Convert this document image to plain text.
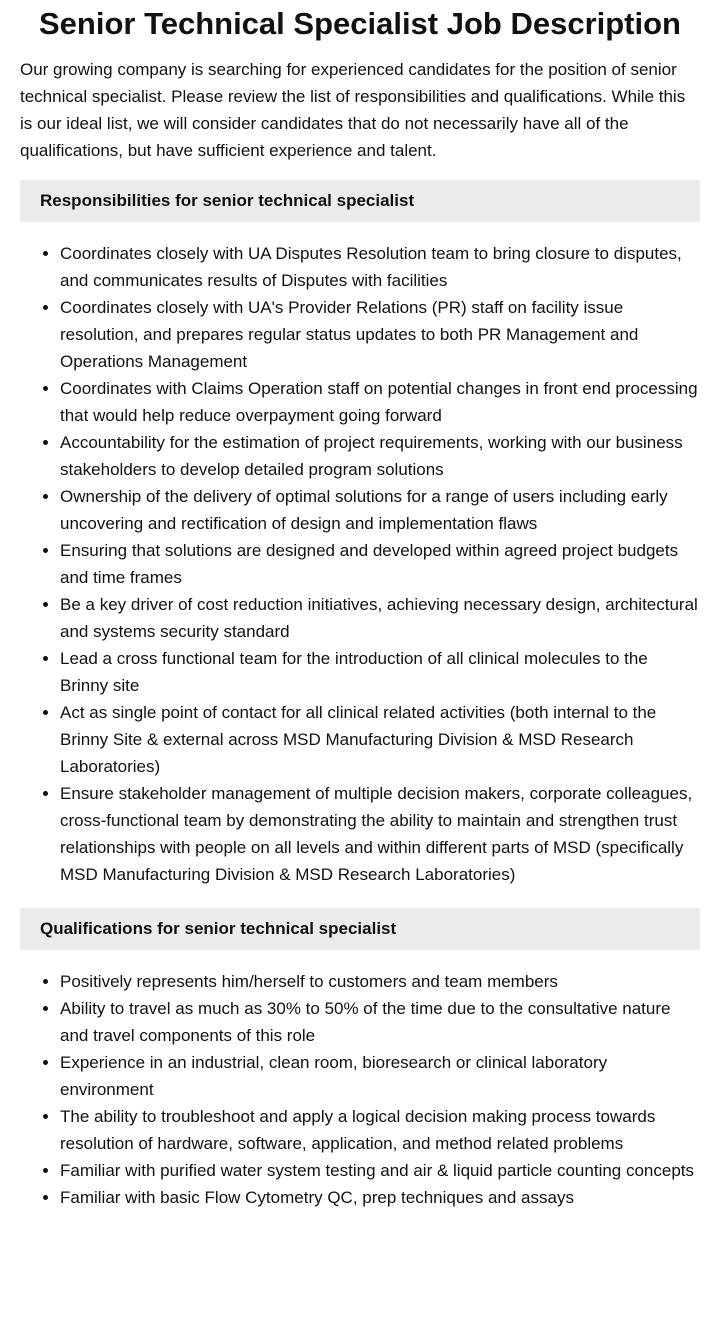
Senior Technical Specialist Job Description

Our growing company is searching for experienced candidates for the position of senior technical specialist. Please review the list of responsibilities and qualifications. While this is our ideal list, we will consider candidates that do not necessarily have all of the qualifications, but have sufficient experience and talent.

Responsibilities for senior technical specialist
• Coordinates closely with UA Disputes Resolution team to bring closure to disputes, and communicates results of Disputes with facilities
• Coordinates closely with UA's Provider Relations (PR) staff on facility issue resolution, and prepares regular status updates to both PR Management and Operations Management
• Coordinates with Claims Operation staff on potential changes in front end processing that would help reduce overpayment going forward
• Accountability for the estimation of project requirements, working with our business stakeholders to develop detailed program solutions
• Ownership of the delivery of optimal solutions for a range of users including early uncovering and rectification of design and implementation flaws
• Ensuring that solutions are designed and developed within agreed project budgets and time frames
• Be a key driver of cost reduction initiatives, achieving necessary design, architectural and systems security standard
• Lead a cross functional team for the introduction of all clinical molecules to the Brinny site
• Act as single point of contact for all clinical related activities (both internal to the Brinny Site & external across MSD Manufacturing Division & MSD Research Laboratories)
• Ensure stakeholder management of multiple decision makers, corporate colleagues, cross-functional team by demonstrating the ability to maintain and strengthen trust relationships with people on all levels and within different parts of MSD (specifically MSD Manufacturing Division & MSD Research Laboratories)
Qualifications for senior technical specialist
• Positively represents him/herself to customers and team members
• Ability to travel as much as 30% to 50% of the time due to the consultative nature and travel components of this role
• Experience in an industrial, clean room, bioresearch or clinical laboratory environment
• The ability to troubleshoot and apply a logical decision making process towards resolution of hardware, software, application, and method related problems
• Familiar with purified water system testing and air & liquid particle counting concepts
• Familiar with basic Flow Cytometry QC, prep techniques and assays
